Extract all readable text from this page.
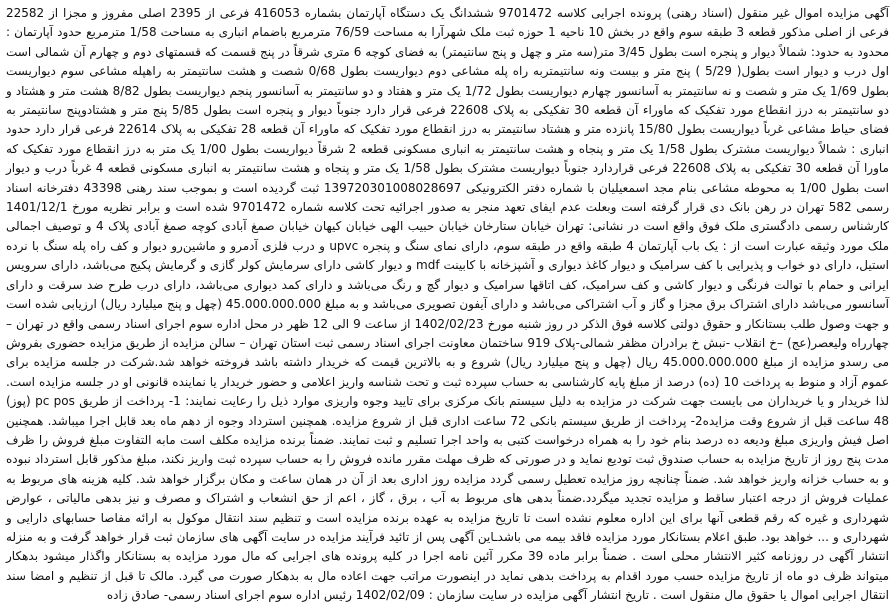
آگهی مزایده اموال غیر منقول (اسناد رهنی) پرونده اجرایی کلاسه 9701472 ششدانگ یک دستگاه آپارتمان بشماره 416053 فرعی از 2395 اصلی مفروز و مجزا از 22582 فرعی از اصلی مذکور قطعه 3 طبقه سوم واقع در بخش 10 ناحیه 1 حوزه ثبت ملک شهرآرا به مساحت 76/59 مترمربع باضمام انباری به مساحت 1/58 مترمربع حدود آپارتمان : محدود به حدود: شمالاً دیوار و پنجره است بطول 3/45 متر(سه متر و چهل و پنج سانتیمتر) به فضای کوچه 6 متری شرقاً در پنج قسمت که قسمتهای دوم و چهارم آن شمالی است اول درب و دیوار است بطول( 5/29 ) پنج متر و بیست ونه سانتیمتربه راه پله مشاعی دوم دیواریست بطول 0/68 شصت و هشت سانتیمتر به راهپله مشاعی سوم دیواریست بطول 1/69 یک متر و شصت و نه سانتیمتر به آسانسور چهارم دیواریست بطول 1/72 یک متر و هفتاد و دو سانتیمتر به آسانسور پنجم دیواریست بطول 8/82 هشت متر و هشتاد و دو سانتیمتر به درز انقطاع مورد تفکیک که ماوراء آن قطعه 30 تفکیکی به پلاک 22608 فرعی قرار دارد جنوباً دیوار و پنجره است بطول 5/85 پنج متر و هشتادوپنج سانتیمتر به فضای حیاط مشاعی غرباً دیواریست بطول 15/80 پانزده متر و هشتاد سانتیمتر به درز انقطاع مورد تفکیک که ماوراء آن قطعه 28 تفکیکی به پلاک 22614 فرعی قرار دارد حدود انباری : شمالاً دیواریست مشترک بطول 1/58 یک متر و پنجاه و هشت سانتیمتر به انباری مسکونی قطعه 2 شرقاً دیواریست بطول 1/00 یک متر به درز انقطاع مورد تفکیک که ماورا آن قطعه 30 تفکیکی به پلاک 22608 فرعی قراردارد جنوباً دیواریست مشترک بطول 1/58 یک متر و پنجاه و هشت سانتیمتر به انباری مسکونی قطعه 4 غرباً درب و دیوار است بطول 1/00 به محوطه مشاعی بنام مجد اسمعیلیان با شماره دفتر الکترونیکی 139720301008028697 ثبت گردیده است و بموجب سند رهنی 43398 دفترخانه اسناد رسمی 582 تهران در رهن بانک دی قرار گرفته است وبعلت عدم ایفای تعهد منجر به صدور اجرائیه تحت کلاسه شماره 9701472 شده است و برابر نظریه مورخ 1401/12/1 کارشناس رسمی دادگستری ملک فوق واقع است در نشانی: تهران خیابان ستارخان خیابان حبیب الهی خیابان کیهان خیابان صمغ آبادی کوچه صمغ آبادی پلاک 4 و توصیف اجمالی ملک مورد وثیقه عبارت است از : یک باب آپارتمان 4 طبقه واقع در طبقه سوم، دارای نمای سنگ و پنجره upvc و درب فلزی آدمرو و ماشین‌رو دیوار و کف راه پله سنگ با نرده استیل، دارای دو خواب و پذیرایی با کف سرامیک و دیوار کاغذ دیواری و آشپزخانه با کابینت mdf و دیوار کاشی دارای سرمایش کولر گازی و گرمایش پکیج می‌باشد، دارای سرویس ایرانی و حمام با توالت فرنگی و دیوار کاشی و کف سرامیک، کف اتاقها سرامیک و دیوار گچ و رنگ می‌باشد و دارای کمد دیواری می‌باشد، دارای درب طرح ضد سرقت و دارای آسانسور می‌باشد دارای اشتراک برق مجزا و گاز و آب اشتراکی می‌باشد و دارای آیفون تصویری می‌باشد و به مبلغ 45.000.000.000 (چهل و پنج میلیارد ریال) ارزیابی شده است و جهت وصول طلب بستانکار و حقوق دولتی کلاسه فوق الذکر در روز شنبه مورخ 1402/02/23 از ساعت 9 الی 12 ظهر در محل اداره سوم اجرای اسناد رسمی واقع در تهران – چهارراه ولیعصر(عج) –خ انقلاب -نبش خ برادران مظفر شمالی-پلاک 919 ساختمان معاونت اجرای اسناد رسمی ثبت استان تهران – سالن مزایده از طریق مزایده حضوری بفروش می رسدو مزایده از مبلغ 45.000.000.000 ریال (چهل و پنج میلیارد ریال) شروع و به بالاترین قیمت که خریدار داشته باشد فروخته خواهد شد.شرکت در جلسه مزایده برای عموم آزاد و منوط به پرداخت 10 (ده) درصد از مبلغ پایه کارشناسی به حساب سپرده ثبت و تحت شناسه واریز اعلامی و حضور خریدار یا نماینده قانونی او در جلسه مزایده است. لذا خریدار و یا خریداران می بایست جهت شرکت در مزایده به دلیل سیستم بانک مرکزی برای تایید وجوه واریزی موارد ذیل را رعایت نمایند: 1- پرداخت از طریق pc pos (پوز) 48 ساعت قبل از شروع وقت مزایده2- پرداخت از طریق سیستم بانکی 72 ساعت اداری قبل از شروع مزایده. همچنین استرداد وجوه از دهم ماه بعد قابل اجرا میباشد. همچنین اصل فیش واریزی مبلغ ودیعه ده درصد بنام خود را به همراه درخواست کتبی به واحد اجرا تسلیم و ثبت نمایند. ضمناً برنده مزایده مکلف است مابه التفاوت مبلغ فروش را ظرف مدت پنج روز از تاریخ مزایده به حساب صندوق ثبت تودیع نماید و در صورتی که ظرف مهلت مقرر مانده فروش را به حساب سپرده ثبت واریز نکند، مبلغ مذکور قابل استرداد نبوده و به حساب خزانه واریز خواهد شد. ضمناً چنانچه روز مزایده تعطیل رسمی گردد مزایده روز اداری بعد از آن در همان ساعت و مکان برگزار خواهد شد. کلیه هزینه های مربوط به عملیات فروش از درجه اعتبار ساقط و مزایده تجدید میگردد.ضمناً بدهی های مربوط به آب ، برق ، گاز ، اعم از حق انشعاب و اشتراک و مصرف و نیز بدهی مالیاتی ، عوارض شهرداری و غیره که رقم قطعی آنها برای این اداره معلوم نشده است تا تاریخ مزایده به عهده برنده مزایده است و تنظیم سند انتقال موکول به ارائه مفاصا حسابهای دارایی و شهرداری و ... خواهد بود. طبق اعلام بستانکار مورد مزایده فاقد بیمه می باشدـاین آگهی پس از تائید فرآیند مزایده در سایت آگهی های سازمان ثبت قرار خواهد گرفت و به منزله انتشار آگهی در روزنامه کثیر الانتشار محلی است . ضمناً برابر ماده 39 مکرر آئین نامه اجرا در کلیه پرونده های اجرایی که مال مورد مزایده به بستانکار واگذار میشود بدهکار میتواند ظرف دو ماه از تاریخ مزایده حسب مورد اقدام به پرداخت بدهی نماید در اینصورت مراتب جهت اعاده مال به بدهکار صورت می گیرد. مالک تا قبل از تنظیم و امضا سند انتقال اجرایی اموال یا حقوق مال منقول است . تاریخ انتشار آگهی مزایده در سایت سازمان : 1402/02/09 رئیس اداره سوم اجرای اسناد رسمی- صادق زاده
